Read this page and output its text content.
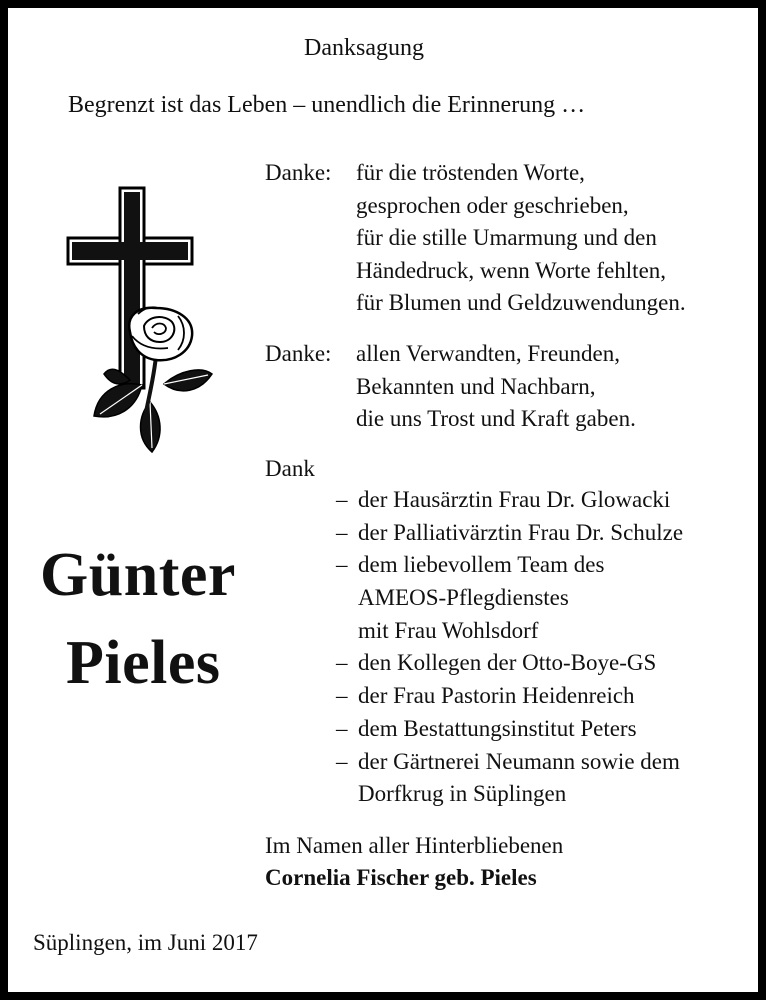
Danksagung
Begrenzt ist das Leben – unendlich die Erinnerung …
Günter
Pieles
Danke: für die tröstenden Worte,
gesprochen oder geschrieben,
für die stille Umarmung und den
Händedruck, wenn Worte fehlten,
für Blumen und Geldzuwendungen.
Danke: allen Verwandten, Freunden,
Bekannten und Nachbarn,
die uns Trost und Kraft gaben.
Dank
– der Hausärztin Frau Dr. Glowacki
– der Palliativärztin Frau Dr. Schulze
– dem liebevollem Team des
AMEOS-Pflegdienstes
mit Frau Wohlsdorf
– den Kollegen der Otto-Boye-GS
– der Frau Pastorin Heidenreich
– dem Bestattungsinstitut Peters
– der Gärtnerei Neumann sowie dem
Dorfkrug in Süplingen
Im Namen aller Hinterbliebenen
Cornelia Fischer geb. Pieles
Süplingen, im Juni 2017
